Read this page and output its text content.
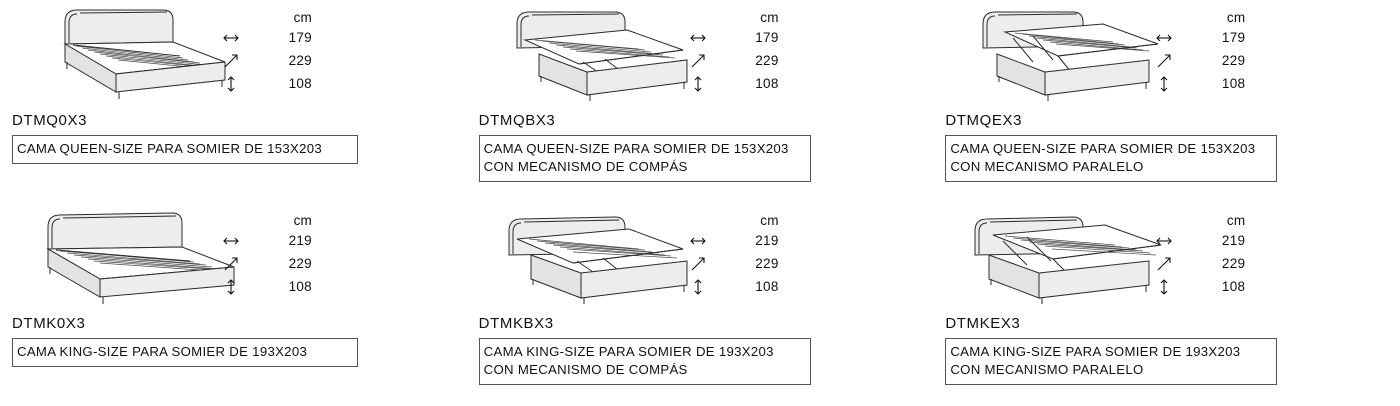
cm
179
229
108
DTMQ0X3
CAMA QUEEN-SIZE PARA SOMIER DE 153X203
cm
179
229
108
DTMQBX3
CAMA QUEEN-SIZE PARA SOMIER DE 153X203 CON MECANISMO DE COMPÁS
cm
179
229
108
DTMQEX3
CAMA QUEEN-SIZE PARA SOMIER DE 153X203 CON MECANISMO PARALELO
cm
219
229
108
DTMK0X3
CAMA KING-SIZE PARA SOMIER DE 193X203
cm
219
229
108
DTMKBX3
CAMA KING-SIZE PARA SOMIER DE 193X203 CON MECANISMO DE COMPÁS
cm
219
229
108
DTMKEX3
CAMA KING-SIZE PARA SOMIER DE 193X203 CON MECANISMO PARALELO
